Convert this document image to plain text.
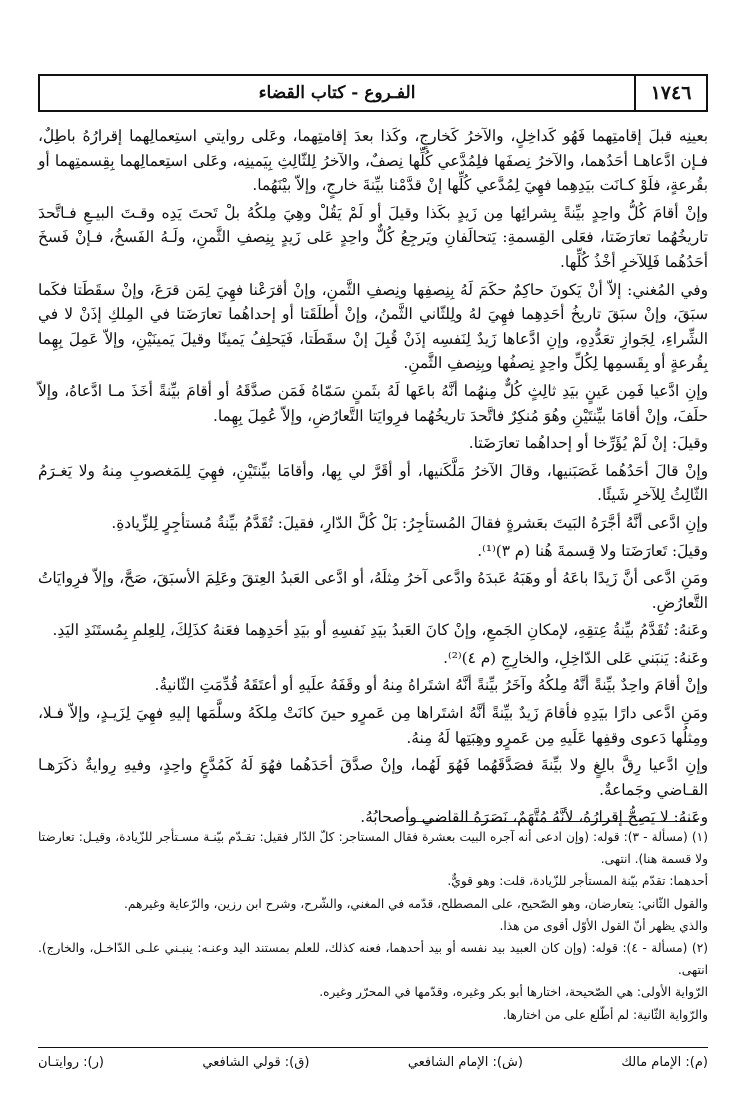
١٧٤٦
الفـروع - كتاب القضاء

بعينِه قبلَ إقامتِهما فَهُو كَداخِلٍ، والآخرُ كَخارجٍ، وكَذا بعدَ إقامتِهما، وعَلى روايتي استِعمالِهما إقرارُهُ باطِلٌ، فـإن ادَّعاهـا أحَدُهما، والآخرُ نِصفَها فلِمُدَّعي كُلِّها نِصفٌ، والآخرُ لِلثّالِثِ بِيَمينِه، وعَلى استِعمالِهما بِقِسمتِهما أو بقُرعةٍ، فلَوْ كـانَت بيَدِهِما فهِيَ لِمُدَّعي كُلِّها إنْ قدَّمْنا بيِّنةَ خارجٍ، وإلاّ بيْنَهُما.

وإنْ أقامَ كُلُّ واحِدٍ بيِّنةً بِشرائِها مِن زَيدٍ بكَذا وقيلَ أو لَمْ يَقُلْ وهِيَ مِلكُهُ بلْ تَحتَ يَدِه وقـتَ البيـعِ فـاتَّحدَ تاريخُهُما تعارَضَتا، فعَلى القِسمةِ: يَتحالَفانِ ويَرجِعُ كُلٌّ واحِدٍ عَلى زَيدٍ بِنِصفِ الثَّمنِ، ولَـهُ الفَسخُ، فـإنْ فَسخَ أحَدُهُما فَلِلآخرِ أخْذُ كُلِّها.

وفي المُغني: إلاّ أنْ يَكونَ حاكِمٌ حكَمَ لَهُ بِنِصفِها ونِصفِ الثَّمنِ، وإنْ أقرَعْنا فهِيَ لِمَن قرَعَ، وإنْ سقَطَتا فكَما سبَقَ، وإنْ سبَقَ تاريخُ أحَدِهِما فهِيَ لهُ ولِلثّاني الثَّمنُ، وإنْ أطلَقَتا أو إحداهُما تعارَضَتا في المِلكِ إذَنْ لا في الشِّراءِ، لِجَوازِ تعَدُّدِهِ، وإنِ ادَّعاها زَيدٌ لِنَفسِه إذَنْ قُبِلَ إنْ سقَطَتا، فَيَحلِفُ يَمينًا وقيلَ يَمينَيْنِ، وإلاّ عَمِلَ بِهِما بِقُرعةٍ أو بِقَسمِها لِكُلِّ واحِدٍ نِصفُها وبِنِصفِ الثَّمنِ.

وإنِ ادَّعيا فَمِن عَينٍ بيَدِ ثالِثٍ كُلٌّ مِنهُما أنَّهُ باعَها لَهُ بثَمنٍ سَمّاهُ فَمَن صدَّقَهُ أو أقامَ بيِّنةً أخَذَ مـا ادَّعاهُ، وإلاّ حلَفَ، وإنْ أقامَا بيِّنتَيْنِ وهُوَ مُنكِرٌ فاتَّحدَ تاريخُهُما فرِوايَتا التَّعارُضِ، وإلاّ عُمِلَ بِهِما.

وقيلَ: إنْ لَمْ يُؤَرِّخا أو إحداهُما تعارَضَتا.

وإنْ قالَ أحَدُهُما غَصَبَنيها، وقالَ الآخرُ مَلَّكَنيها، أو أقَرَّ لي بِها، وأقامَا بيِّنتَيْنِ، فهِيَ لِلمَغصوبِ مِنهُ ولا يَغـرَمُ الثّالِثُ لِلآخرِ شَيئًا.

وإنِ ادَّعى أنَّهُ أجَّرَهُ البَيتَ بعَشرةٍ فقالَ المُستأجِرُ: بَلْ كُلَّ الدّارِ، فقيلَ: تُقَدَّمُ بيِّنةُ مُستأجِرٍ لِلزِّيادةِ.

وقيلَ: تَعارَضَتا ولا قِسمةَ هُنا (م ٣)⁽¹⁾.

ومَنِ ادَّعى أنَّ زَيدًا باعَهُ أو وهَبَهُ عَبدَهُ وادَّعى آخرُ مِثلَهُ، أو ادَّعى العَبدُ العِتقَ وعَلِمَ الأسبَقَ، صَحَّ، وإلاّ فرِوايَاتُ التَّعارُضِ.

وعَنهُ: تُقَدَّمُ بيِّنةُ عِتقِهِ، لإمكانِ الجَمعِ، وإنْ كانَ العَبدُ بيَدِ نَفسِهِ أو بيَدِ أحَدِهِما فعَنهُ كذَلِكَ، لِلعِلمِ بِمُستَنَدِ اليَدِ.

وعَنهُ: يَنبَني عَلى الدّاخِلِ، والخارِجِ (م ٤)⁽²⁾.

وإنْ أقامَ واحِدٌ بيِّنةً أنَّهُ مِلكُهُ وآخَرُ بيِّنةً أنَّهُ اشتَراهُ مِنهُ أو وقَفَهُ علَيهِ أو أعتَقَهُ قُدِّمَتِ الثّانيةُ.

ومَنِ ادَّعى دارًا بيَدِهِ فأقامَ زَيدٌ بيِّنةً أنَّهُ اشتَراها مِن عَمرٍو حينَ كانَتْ مِلكَهُ وسلَّمَها إليهِ فهِيَ لِزَيـدٍ، وإلاّ فـلا، ومِثلُها دَعوى وقفِها عَلَيهِ مِن عَمرٍو وهِبَتِها لَهُ مِنهُ.

وإنِ ادَّعيا رِقَّ بالِغٍ ولا بيِّنةَ فصَدَّقَهُما فَهُوَ لَهُما، وإنْ صدَّقَ أحَدَهُما فهُوَ لَهُ كَمُدَّعٍ واحِدٍ، وفيهِ رِوايةٌ ذكَرَهـا القـاضي وجَماعةٌ.

وعَنهُ: لا يَصِحُّ إقرارُهُ، لأنَّهُ مُتَّهَمٌ، نَصَرَهُ القاضي وأصحابُهُ.

(١) (مسألة - ٣): قوله: (وإن ادعى أنه آجره البيت بعشرة فقال المستاجر: كلّ الدّار فقيل: تقـدّم بيّنـة مسـتأجر للزّيادة، وقيـل: تعارضتا ولا قسمة هنا). انتهى.

أحدهما: تقدّم بيّنة المستأجر للزّيادة، قلت: وهو قويٌّ.

والقول الثّاني: يتعارضان، وهو الصّحيح، على المصطلح، قدّمه في المغني، والشّرح، وشرح ابن رزين، والرّعاية وغيرهم.

والذي يظهر أنّ القول الأوّل أقوى من هذا.

(٢) (مسألة - ٤): قوله: (وإن كان العبيد بيد نفسه أو بيد أحدهما، فعنه كذلك، للعلم بمستند اليد وعنـه: ينبـني علـى الدّاخـل، والخارج). انتهى.

الرّواية الأولى: هي الصّحيحة، اختارها أبو بكر وغيره، وقدّمها في المحرّر وغيره.

والرّواية الثّانية: لم أطّلع على من اختارها.

(م): الإمام مالك
(ش): الإمام الشافعي
(ق): قولي الشافعي
(ر): روايتـان
